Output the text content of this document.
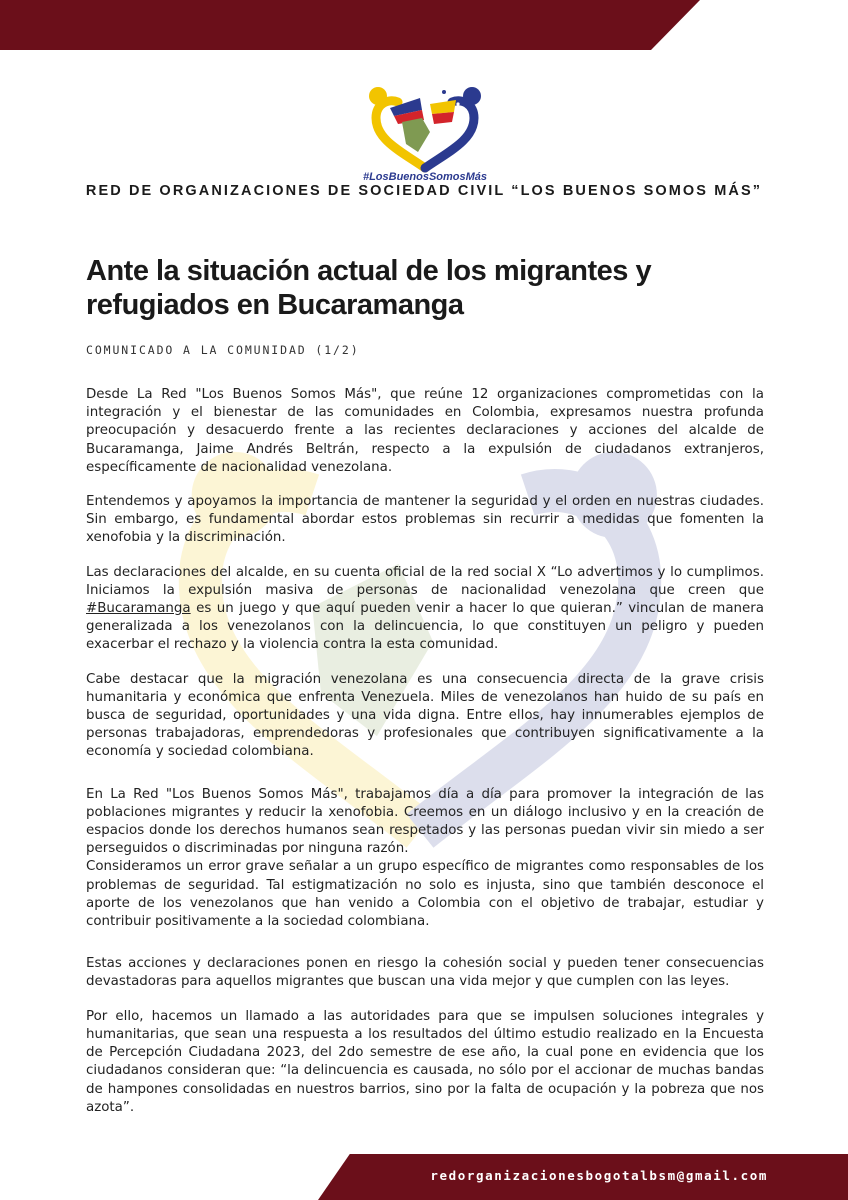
#LosBuenosSomosMás
RED DE ORGANIZACIONES DE SOCIEDAD CIVIL “LOS BUENOS SOMOS MÁS”
Ante la situación actual de los migrantes y refugiados en Bucaramanga
COMUNICADO A LA COMUNIDAD (1/2)

Desde La Red "Los Buenos Somos Más", que reúne 12 organizaciones comprometidas con la integración y el bienestar de las comunidades en Colombia, expresamos nuestra profunda preocupación y desacuerdo frente a las recientes declaraciones y acciones del alcalde de Bucaramanga, Jaime Andrés Beltrán, respecto a la expulsión de ciudadanos extranjeros, específicamente de nacionalidad venezolana.

Entendemos y apoyamos la importancia de mantener la seguridad y el orden en nuestras ciudades. Sin embargo, es fundamental abordar estos problemas sin recurrir a medidas que fomenten la xenofobia y la discriminación.

Las declaraciones del alcalde, en su cuenta oficial de la red social X “Lo advertimos y lo cumplimos. Iniciamos la expulsión masiva de personas de nacionalidad venezolana que creen que #Bucaramanga es un juego y que aquí pueden venir a hacer lo que quieran.” vinculan de manera generalizada a los venezolanos con la delincuencia, lo que constituyen un peligro y pueden exacerbar el rechazo y la violencia contra la esta comunidad.

Cabe destacar que la migración venezolana es una consecuencia directa de la grave crisis humanitaria y económica que enfrenta Venezuela. Miles de venezolanos han huido de su país en busca de seguridad, oportunidades y una vida digna. Entre ellos, hay innumerables ejemplos de personas trabajadoras, emprendedoras y profesionales que contribuyen significativamente a la economía y sociedad colombiana.

En La Red "Los Buenos Somos Más", trabajamos día a día para promover la integración de las poblaciones migrantes y reducir la xenofobia. Creemos en un diálogo inclusivo y en la creación de espacios donde los derechos humanos sean respetados y las personas puedan vivir sin miedo a ser perseguidos o discriminadas por ninguna razón.

Consideramos un error grave señalar a un grupo específico de migrantes como responsables de los problemas de seguridad. Tal estigmatización no solo es injusta, sino que también desconoce el aporte de los venezolanos que han venido a Colombia con el objetivo de trabajar, estudiar y contribuir positivamente a la sociedad colombiana.

Estas acciones y declaraciones ponen en riesgo la cohesión social y pueden tener consecuencias devastadoras para aquellos migrantes que buscan una vida mejor y que cumplen con las leyes.

Por ello, hacemos un llamado a las autoridades para que se impulsen soluciones integrales y humanitarias, que sean una respuesta a los resultados del último estudio realizado en la Encuesta de Percepción Ciudadana 2023, del 2do semestre de ese año, la cual pone en evidencia que los ciudadanos consideran que: “la delincuencia es causada, no sólo por el accionar de muchas bandas de hampones consolidadas en nuestros barrios, sino por la falta de ocupación y la pobreza que nos azota”.

redorganizacionesbogotalbsm@gmail.com
